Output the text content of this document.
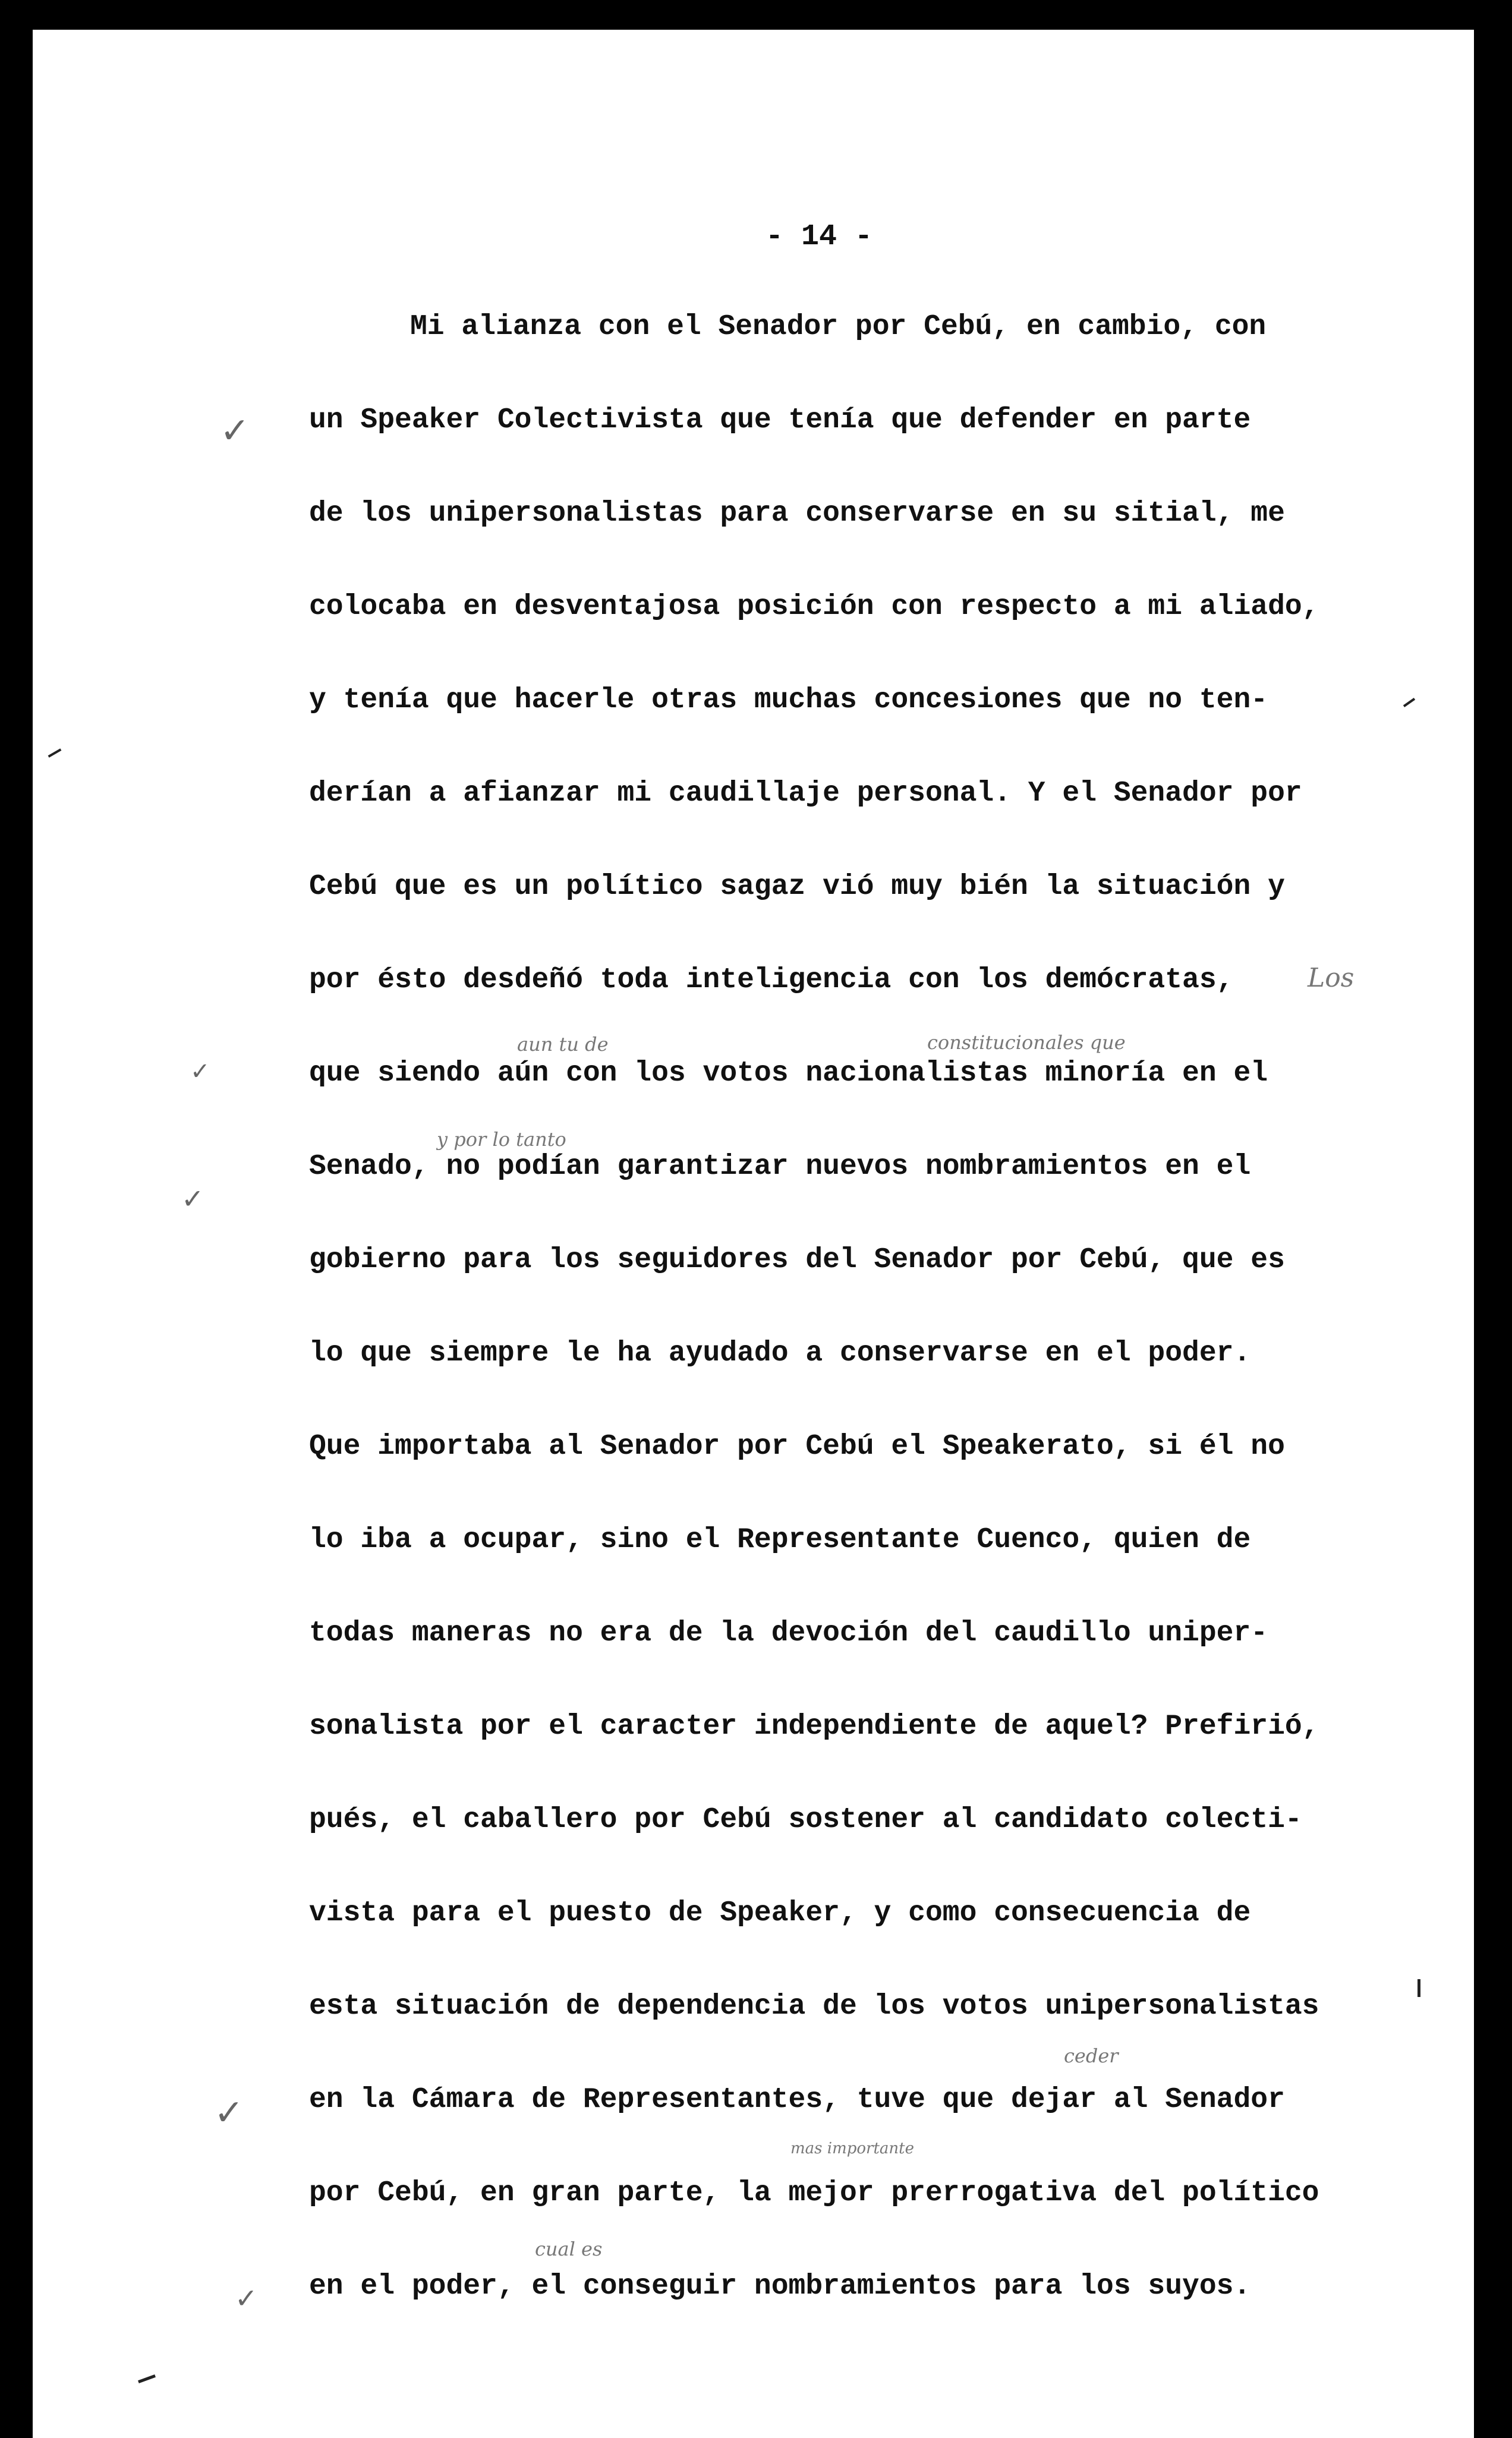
- 14 -
Mi alianza con el Senador por Cebú, en cambio, con
un Speaker Colectivista que tenía que defender en parte
de los unipersonalistas para conservarse en su sitial, me
colocaba en desventajosa posición con respecto a mi aliado,
y tenía que hacerle otras muchas concesiones que no ten-
derían a afianzar mi caudillaje personal. Y el Senador por
Cebú que es un político sagaz vió muy bién la situación y
por ésto desdeñó toda inteligencia con los demócratas,
que siendo aún con los votos nacionalistas minoría en el
Senado, no podían garantizar nuevos nombramientos en el
gobierno para los seguidores del Senador por Cebú, que es
lo que siempre le ha ayudado a conservarse en el poder.
Que importaba al Senador por Cebú el Speakerato, si él no
lo iba a ocupar, sino el Representante Cuenco, quien de
todas maneras no era de la devoción del caudillo uniper-
sonalista por el caracter independiente de aquel? Prefirió,
pués, el caballero por Cebú sostener al candidato colecti-
vista para el puesto de Speaker, y como consecuencia de
esta situación de dependencia de los votos unipersonalistas
en la Cámara de Representantes, tuve que dejar al Senador
por Cebú, en gran parte, la mejor prerrogativa del político
en el poder, el conseguir nombramientos para los suyos.
Los
constitucionales que
aun tu de
y por lo tanto
ceder
mas importante
cual es
✓
✓
✓
✓
✓
